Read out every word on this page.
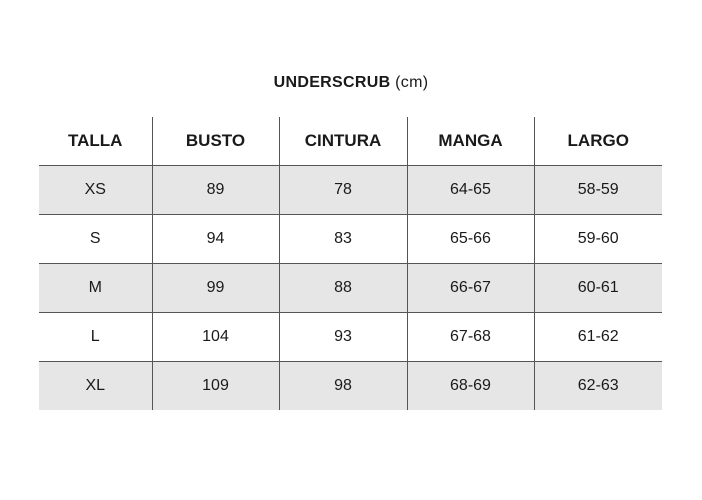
UNDERSCRUB (cm)
TALLA	BUSTO	CINTURA	MANGA	LARGO
XS	89	78	64-65	58-59
S	94	83	65-66	59-60
M	99	88	66-67	60-61
L	104	93	67-68	61-62
XL	109	98	68-69	62-63
